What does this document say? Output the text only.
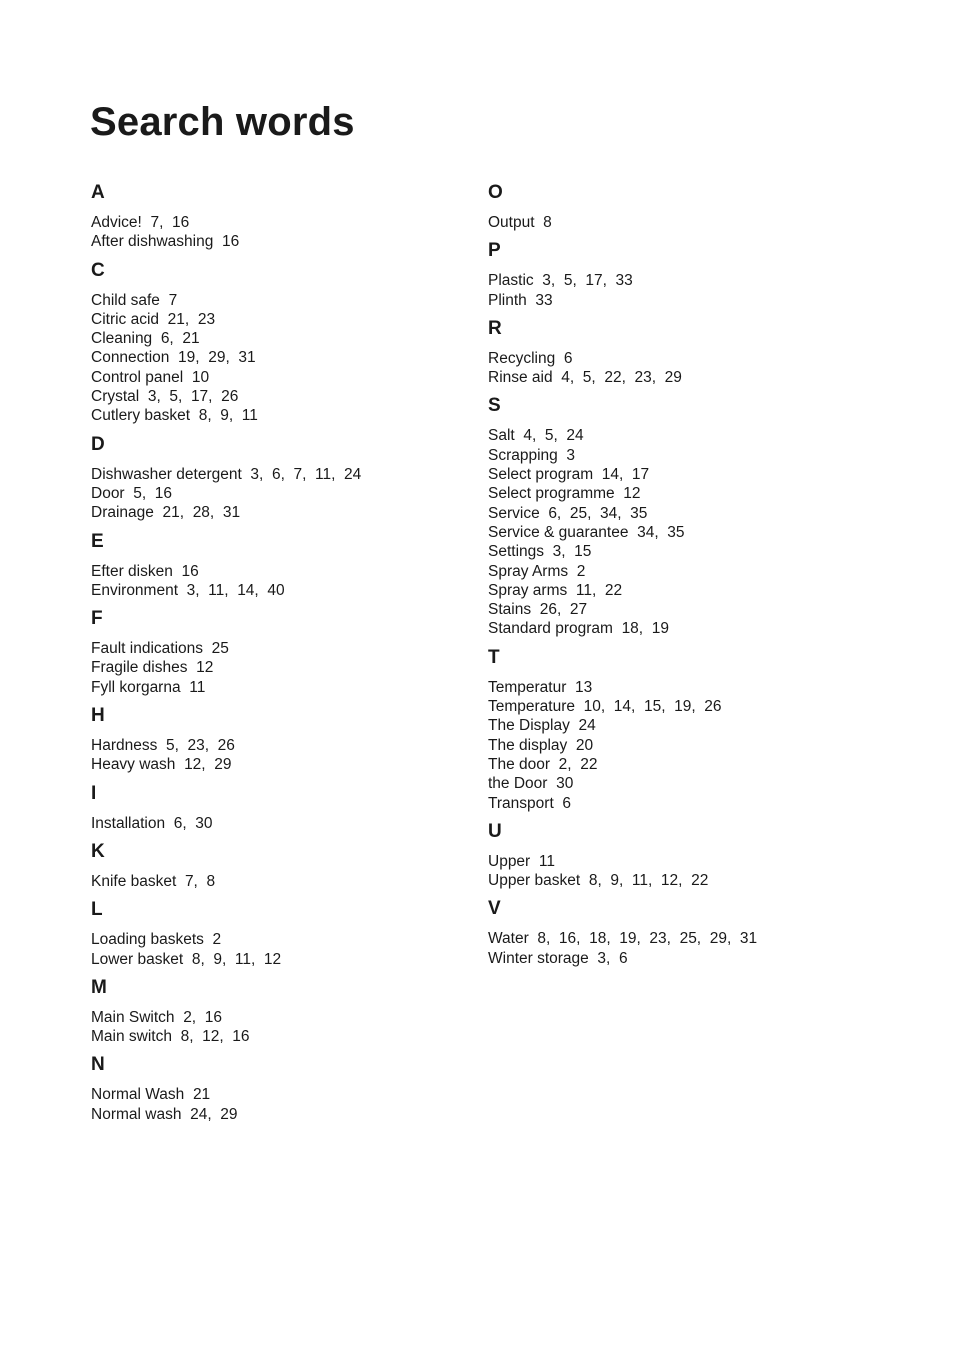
Search words
A
Advice! 7,  16
After dishwashing 16
C
Child safe 7
Citric acid 21,  23
Cleaning 6,  21
Connection 19,  29,  31
Control panel 10
Crystal 3,  5,  17,  26
Cutlery basket 8,  9,  11
D
Dishwasher detergent 3,  6,  7,  11,  24
Door 5,  16
Drainage 21,  28,  31
E
Efter disken 16
Environment 3,  11,  14,  40
F
Fault indications 25
Fragile dishes 12
Fyll korgarna 11
H
Hardness 5,  23,  26
Heavy wash 12,  29
I
Installation 6,  30
K
Knife basket 7,  8
L
Loading baskets 2
Lower basket 8,  9,  11,  12
M
Main Switch 2,  16
Main switch 8,  12,  16
N
Normal Wash 21
Normal wash 24,  29
O
Output 8
P
Plastic 3,  5,  17,  33
Plinth 33
R
Recycling 6
Rinse aid 4,  5,  22,  23,  29
S
Salt 4,  5,  24
Scrapping 3
Select program 14,  17
Select programme 12
Service 6,  25,  34,  35
Service & guarantee 34,  35
Settings 3,  15
Spray Arms 2
Spray arms 11,  22
Stains 26,  27
Standard program 18,  19
T
Temperatur 13
Temperature 10,  14,  15,  19,  26
The Display 24
The display 20
The door 2,  22
the Door 30
Transport 6
U
Upper 11
Upper basket 8,  9,  11,  12,  22
V
Water 8,  16,  18,  19,  23,  25,  29,  31
Winter storage 3,  6
